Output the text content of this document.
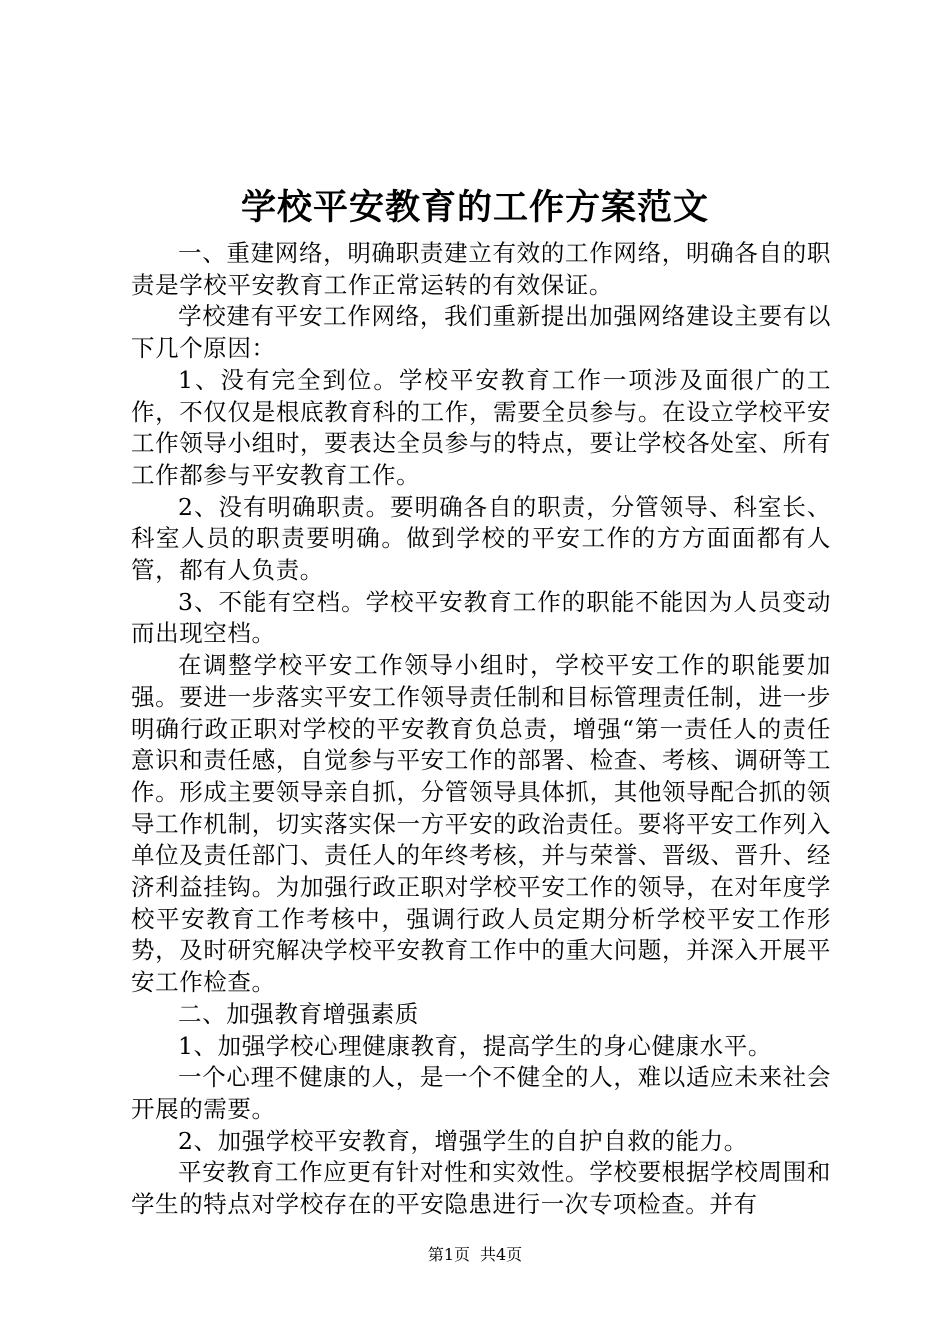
学校平安教育的工作方案范文

一、重建网络，明确职责建立有效的工作网络，明确各自的职责是学校平安教育工作正常运转的有效保证。

学校建有平安工作网络，我们重新提出加强网络建设主要有以下几个原因：

1、没有完全到位。学校平安教育工作一项涉及面很广的工作，不仅仅是根底教育科的工作，需要全员参与。在设立学校平安工作领导小组时，要表达全员参与的特点，要让学校各处室、所有工作都参与平安教育工作。

2、没有明确职责。要明确各自的职责，分管领导、科室长、科室人员的职责要明确。做到学校的平安工作的方方面面都有人管，都有人负责。

3、不能有空档。学校平安教育工作的职能不能因为人员变动而出现空档。

在调整学校平安工作领导小组时，学校平安工作的职能要加强。要进一步落实平安工作领导责任制和目标管理责任制，进一步明确行政正职对学校的平安教育负总责，增强“第一责任人的责任意识和责任感，自觉参与平安工作的部署、检查、考核、调研等工作。形成主要领导亲自抓，分管领导具体抓，其他领导配合抓的领导工作机制，切实落实保一方平安的政治责任。要将平安工作列入单位及责任部门、责任人的年终考核，并与荣誉、晋级、晋升、经济利益挂钩。为加强行政正职对学校平安工作的领导，在对年度学校平安教育工作考核中，强调行政人员定期分析学校平安工作形势，及时研究解决学校平安教育工作中的重大问题，并深入开展平安工作检查。

二、加强教育增强素质

1、加强学校心理健康教育，提高学生的身心健康水平。

一个心理不健康的人，是一个不健全的人，难以适应未来社会开展的需要。

2、加强学校平安教育，增强学生的自护自救的能力。

平安教育工作应更有针对性和实效性。学校要根据学校周围和学生的特点对学校存在的平安隐患进行一次专项检查。并有

第1页 共4页
